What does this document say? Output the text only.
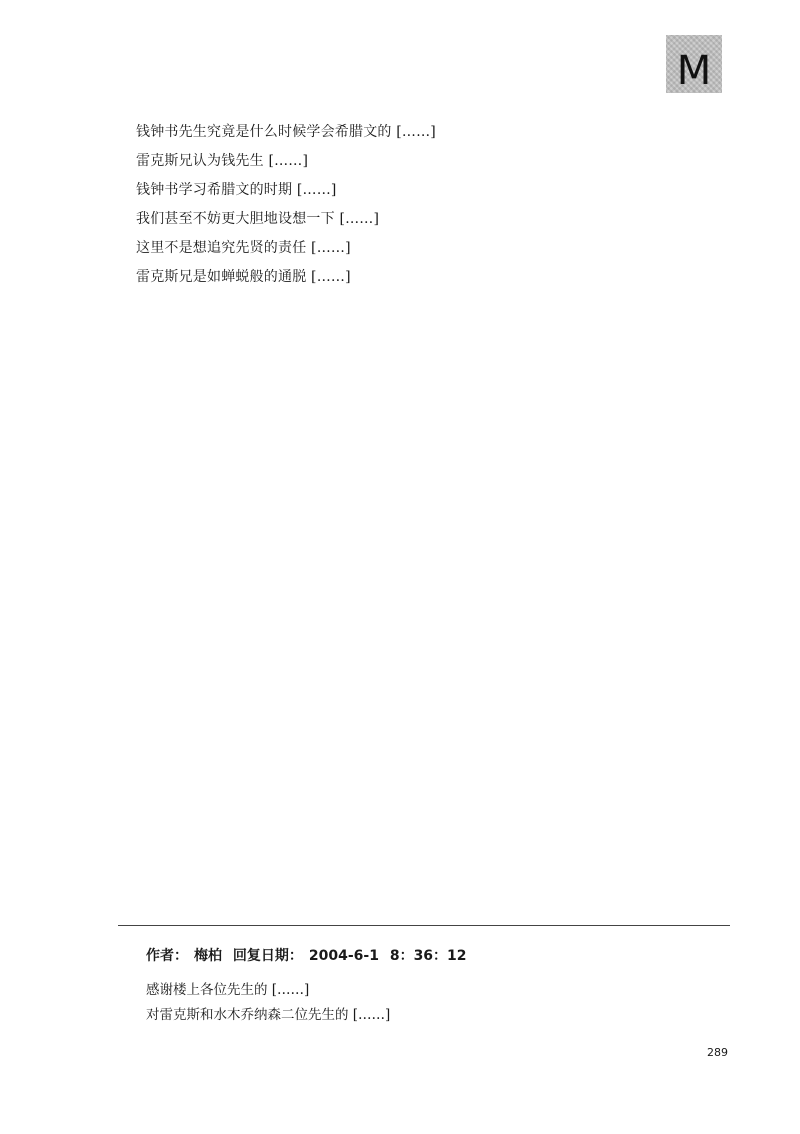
M

钱钟书先生究竟是什么时候学会希腊文的 [……]

雷克斯兄认为钱先生 [……]

钱钟书学习希腊文的时期 [……]

我们甚至不妨更大胆地设想一下 [……]

这里不是想追究先贤的责任 [……]

雷克斯兄是如蝉蜕般的通脱 [……]

作者： 梅柏 回复日期： 2004-6-1 8：36：12

感谢楼上各位先生的 [……]

对雷克斯和水木乔纳森二位先生的 [……]

289
